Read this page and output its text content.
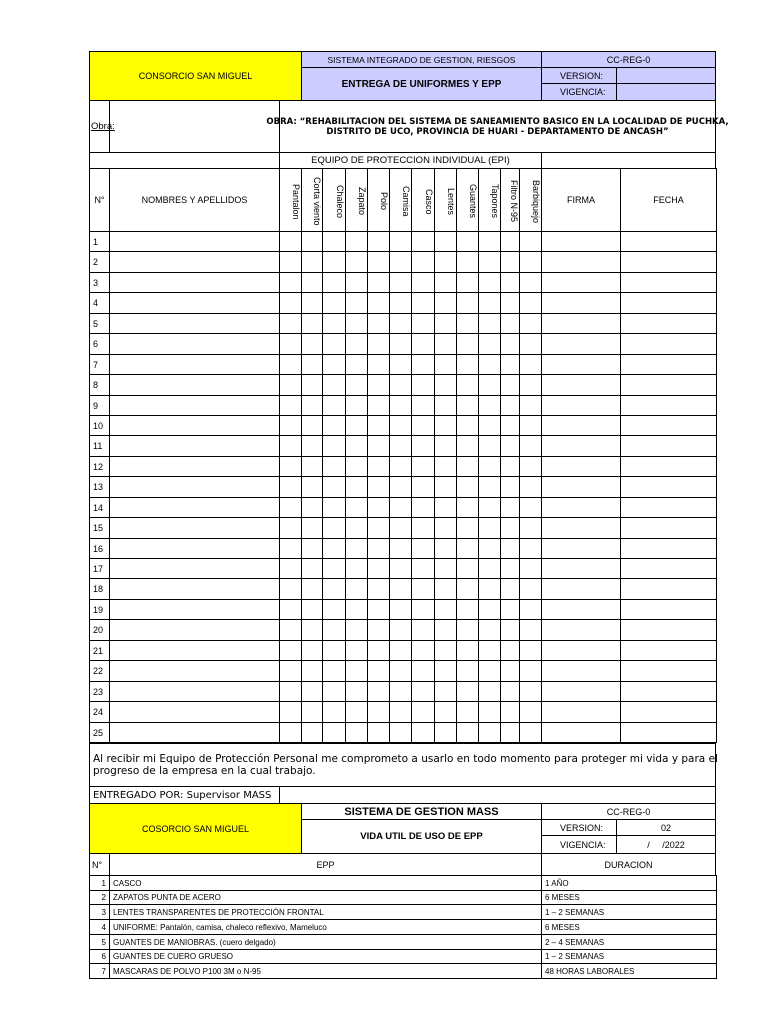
CONSORCIO SAN MIGUEL
SISTEMA INTEGRADO DE GESTION, RIESGOS
ENTREGA DE UNIFORMES Y EPP
CC-REG-0
VERSION:
VIGENCIA:
Obra:	OBRA: “REHABILITACION DEL SISTEMA DE SANEAMIENTO BASICO EN LA LOCALIDAD DE PUCHKA,
DISTRITO DE UCO, PROVINCIA DE HUARI - DEPARTAMENTO DE ANCASH”
EQUIPO DE PROTECCION INDIVIDUAL (EPI)
N°	NOMBRES Y APELLIDOS	Pantalon	Corta viento	Chaleco	Zapato	Polo	Camisa	Casco	Lentes	Guantes	Tapones	Filtro N-95	Barbiquejo	FIRMA	FECHA
1
2
3
4
5
6
7
8
9
10
11
12
13
14
15
16
17
18
19
20
21
22
23
24
25
Al recibir mi Equipo de Protección Personal me comprometo a usarlo en todo momento para proteger mi vida y para el
progreso de la empresa en la cual trabajo.
ENTREGADO POR: Supervisor MASS
COSORCIO SAN MIGUEL
SISTEMA DE GESTION MASS
VIDA UTIL DE USO DE EPP
CC-REG-0
VERSION:	02
VIGENCIA:	/     /2022
N°	EPP	DURACION
1 CASCO	1 AÑO
2 ZAPATOS PUNTA DE ACERO	6 MESES
3 LENTES TRANSPARENTES DE PROTECCIÓN FRONTAL	1 – 2 SEMANAS
4 UNIFORME: Pantalón, camisa, chaleco reflexivo, Mameluco	6 MESES
5 GUANTES DE MANIOBRAS. (cuero delgado)	2 – 4 SEMANAS
6 GUANTES DE CUERO GRUESO	1 – 2 SEMANAS
7 MASCARAS DE POLVO P100 3M o N-95	48 HORAS LABORALES
